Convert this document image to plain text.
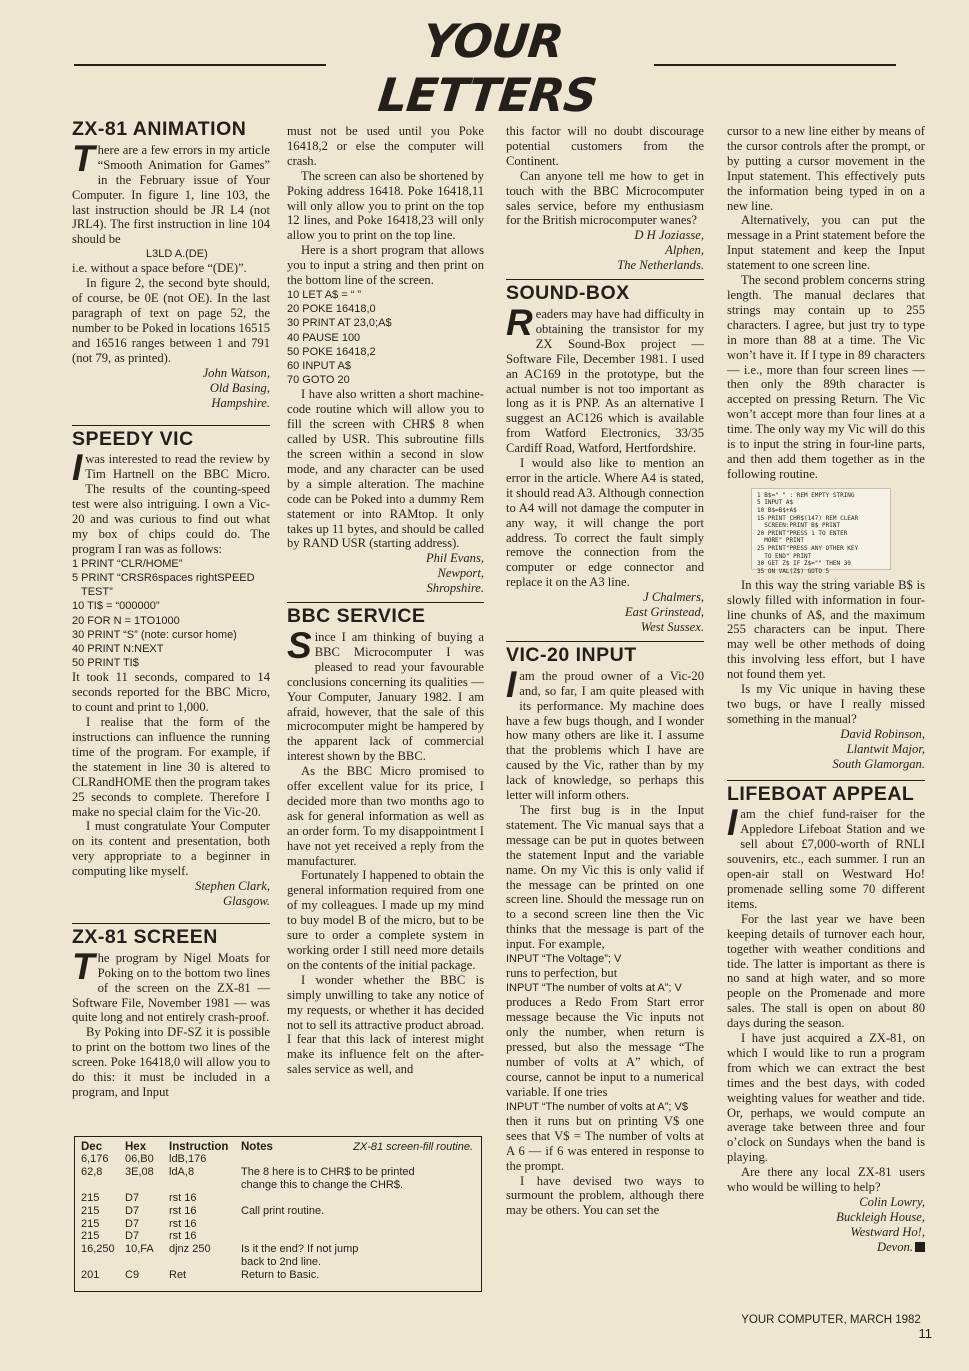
YOUR LETTERS
ZX-81 ANIMATION

There are a few errors in my article “Smooth Animation for Games” in the February issue of Your Computer. In figure 1, line 103, the last instruction should be JR L4 (not JRL4). The first instruction in line 104 should be

L3LD A.(DE)

i.e. without a space before “(DE)”.

In figure 2, the second byte should, of course, be 0E (not OE). In the last paragraph of text on page 52, the number to be Poked in locations 16515 and 16516 ranges between 1 and 791 (not 79, as printed).

John Watson,

Old Basing,

Hampshire.

SPEEDY VIC

Iwas interested to read the review by Tim Hartnell on the BBC Micro. The results of the counting-speed test were also intriguing. I own a Vic-20 and was curious to find out what my box of chips could do. The program I ran was as follows:

1 PRINT “CLR/HOME”
5 PRINT “CRSR6spaces rightSPEED
TEST”
10 TI$ = “000000”
20 FOR N = 1TO1000
30 PRINT “S” (note: cursor home)
40 PRINT N:NEXT
50 PRINT TI$

It took 11 seconds, compared to 14 seconds reported for the BBC Micro, to count and print to 1,000.

I realise that the form of the instructions can influence the running time of the program. For example, if the statement in line 30 is altered to CLRandHOME then the program takes 25 seconds to complete. Therefore I make no special claim for the Vic-20.

I must congratulate Your Computer on its content and presentation, both very appropriate to a beginner in computing like myself.

Stephen Clark,

Glasgow.

ZX-81 SCREEN

The program by Nigel Moats for Poking on to the bottom two lines of the screen on the ZX-81 — Software File, November 1981 — was quite long and not entirely crash-proof.

By Poking into DF-SZ it is possible to print on the bottom two lines of the screen. Poke 16418,0 will allow you to do this: it must be included in a program, and Input

must not be used until you Poke 16418,2 or else the computer will crash.

The screen can also be shortened by Poking address 16418. Poke 16418,11 will only allow you to print on the top 12 lines, and Poke 16418,23 will only allow you to print on the top line.

Here is a short program that allows you to input a string and then print on the bottom line of the screen.

10 LET A$ = “ ”
20 POKE 16418,0
30 PRINT AT 23,0;A$
40 PAUSE 100
50 POKE 16418,2
60 INPUT A$
70 GOTO 20

I have also written a short machine-code routine which will allow you to fill the screen with CHR$ 8 when called by USR. This subroutine fills the screen within a second in slow mode, and any character can be used by a simple alteration. The machine code can be Poked into a dummy Rem statement or into RAMtop. It only takes up 11 bytes, and should be called by RAND USR (starting address).

Phil Evans,

Newport,

Shropshire.

BBC SERVICE

Since I am thinking of buying a BBC Microcomputer I was pleased to read your favourable conclusions concerning its qualities — Your Computer, January 1982. I am afraid, however, that the sale of this microcomputer might be hampered by the apparent lack of commercial interest shown by the BBC.

As the BBC Micro promised to offer excellent value for its price, I decided more than two months ago to ask for general information as well as an order form. To my disappointment I have not yet received a reply from the manufacturer.

Fortunately I happened to obtain the general information required from one of my colleagues. I made up my mind to buy model B of the micro, but to be sure to order a complete system in working order I still need more details on the contents of the initial package.

I wonder whether the BBC is simply unwilling to take any notice of my requests, or whether it has decided not to sell its attractive product abroad. I fear that this lack of interest might make its influence felt on the after-sales service as well, and

this factor will no doubt discourage potential customers from the Continent.

Can anyone tell me how to get in touch with the BBC Microcomputer sales service, before my enthusiasm for the British microcomputer wanes?

D H Joziasse,

Alphen,

The Netherlands.

SOUND-BOX

Readers may have had difficulty in obtaining the transistor for my ZX Sound-Box project — Software File, December 1981. I used an AC169 in the prototype, but the actual number is not too important as long as it is PNP. As an alternative I suggest an AC126 which is available from Watford Electronics, 33/35 Cardiff Road, Watford, Hertfordshire.

I would also like to mention an error in the article. Where A4 is stated, it should read A3. Although connection to A4 will not damage the computer in any way, it will change the port address. To correct the fault simply remove the connection from the computer or edge connector and replace it on the A3 line.

J Chalmers,

East Grinstead,

West Sussex.

VIC-20 INPUT

Iam the proud owner of a Vic-20 and, so far, I am quite pleased with its performance. My machine does have a few bugs though, and I wonder how many others are like it. I assume that the problems which I have are caused by the Vic, rather than by my lack of knowledge, so perhaps this letter will inform others.

The first bug is in the Input statement. The Vic manual says that a message can be put in quotes between the statement Input and the variable name. On my Vic this is only valid if the message can be printed on one screen line. Should the message run on to a second screen line then the Vic thinks that the message is part of the input. For example,

INPUT “The Voltage”; V

runs to perfection, but

INPUT “The number of volts at A”; V

produces a Redo From Start error message because the Vic inputs not only the number, when return is pressed, but also the message “The number of volts at A” which, of course, cannot be input to a numerical variable. If one tries

INPUT “The number of volts at A”; V$

then it runs but on printing V$ one sees that V$ = The number of volts at A 6 — if 6 was entered in response to the prompt.

I have devised two ways to surmount the problem, although there may be others. You can set the

cursor to a new line either by means of the cursor controls after the prompt, or by putting a cursor movement in the Input statement. This effectively puts the information being typed in on a new line.

Alternatively, you can put the message in a Print statement before the Input statement and keep the Input statement to one screen line.

The second problem concerns string length. The manual declares that strings may contain up to 255 characters. I agree, but just try to type in more than 88 at a time. The Vic won’t have it. If I type in 89 characters — i.e., more than four screen lines — then only the 89th character is accepted on pressing Return. The Vic won’t accept more than four lines at a time. The only way my Vic will do this is to input the string in four-line parts, and then add them together as in the following routine.

1 B$=" " : REM EMPTY STRING
5 INPUT A$
10 B$=B$+A$
15 PRINT CHR$(147) REM CLEAR
SCREEN:PRINT B$ PRINT
20 PRINT"PRESS 1 TO ENTER
MORE" PRINT
25 PRINT"PRESS ANY OTHER KEY
TO END" PRINT
30 GET Z$ IF Z$="" THEN 30
35 ON VAL(Z$) GOTO 5

In this way the string variable B$ is slowly filled with information in four-line chunks of A$, and the maximum 255 characters can be input. There may well be other methods of doing this involving less effort, but I have not found them yet.

Is my Vic unique in having these two bugs, or have I really missed something in the manual?

David Robinson,

Llantwit Major,

South Glamorgan.

LIFEBOAT APPEAL

Iam the chief fund-raiser for the Appledore Lifeboat Station and we sell about £7,000-worth of RNLI souvenirs, etc., each summer. I run an open-air stall on Westward Ho! promenade selling some 70 different items.

For the last year we have been keeping details of turnover each hour, together with weather conditions and tide. The latter is important as there is no sand at high water, and so more people on the Promenade and more sales. The stall is open on about 80 days during the season.

I have just acquired a ZX-81, on which I would like to run a program from which we can extract the best times and the best days, with coded weighting values for weather and tide. Or, perhaps, we would compute an average take between three and four o’clock on Sundays when the band is playing.

Are there any local ZX-81 users who would be willing to help?

Colin Lowry,

Buckleigh House,

Westward Ho!,

Devon.

ZX-81 screen-fill routine.
Dec	Hex	Instruction	Notes
6,176	06,B0	ldB,176
62,8	3E,08	ldA,8	The 8 here is to CHR$ to be printed
change this to change the CHR$.
215	D7	rst 16
215	D7	rst 16	Call print routine.
215	D7	rst 16
215	D7	rst 16
16,250 10,FA	djnz 250	Is it the end? If not jump
back to 2nd line.
201	C9	Ret	Return to Basic.
YOUR COMPUTER, MARCH 1982  11
